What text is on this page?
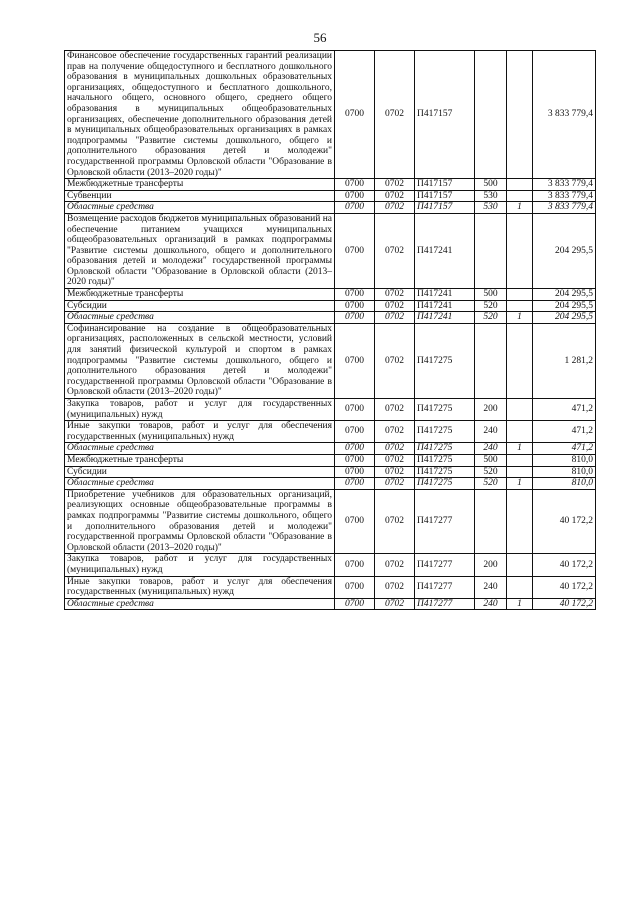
56
Финансовое обеспечение государственных гарантий реализации прав на получение общедоступного и бесплатного дошкольного образования в муниципальных дошкольных образовательных организациях, общедоступного и бесплатного дошкольного, начального общего, основного общего, среднего общего образования в муниципальных общеобразовательных организациях, обеспечение дополнительного образования детей в муниципальных общеобразовательных организациях в рамках подпрограммы "Развитие системы дошкольного, общего и дополнительного образования детей и молодежи" государственной программы Орловской области "Образование в Орловской области (2013–2020 годы)"	0700	0702	П417157			3 833 779,4
Межбюджетные трансферты	0700	0702	П417157	500		3 833 779,4
Субвенции	0700	0702	П417157	530		3 833 779,4
Областные средства	0700	0702	П417157	530	1	3 833 779,4
Возмещение расходов бюджетов муниципальных образований на обеспечение питанием учащихся муниципальных общеобразовательных организаций в рамках подпрограммы "Развитие системы дошкольного, общего и дополнительного образования детей и молодежи" государственной программы Орловской области "Образование в Орловской области (2013–2020 годы)"	0700	0702	П417241			204 295,5
Межбюджетные трансферты	0700	0702	П417241	500		204 295,5
Субсидии	0700	0702	П417241	520		204 295,5
Областные средства	0700	0702	П417241	520	1	204 295,5
Софинансирование на создание в общеобразовательных организациях, расположенных в сельской местности, условий для занятий физической культурой и спортом в рамках подпрограммы "Развитие системы дошкольного, общего и дополнительного образования детей и молодежи" государственной программы Орловской области "Образование в Орловской области (2013–2020 годы)"	0700	0702	П417275			1 281,2
Закупка товаров, работ и услуг для государственных (муниципальных) нужд	0700	0702	П417275	200		471,2
Иные закупки товаров, работ и услуг для обеспечения государственных (муниципальных) нужд	0700	0702	П417275	240		471,2
Областные средства	0700	0702	П417275	240	1	471,2
Межбюджетные трансферты	0700	0702	П417275	500		810,0
Субсидии	0700	0702	П417275	520		810,0
Областные средства	0700	0702	П417275	520	1	810,0
Приобретение учебников для образовательных организаций, реализующих основные общеобразовательные программы в рамках подпрограммы "Развитие системы дошкольного, общего и дополнительного образования детей и молодежи" государственной программы Орловской области "Образование в Орловской области (2013–2020 годы)"	0700	0702	П417277			40 172,2
Закупка товаров, работ и услуг для государственных (муниципальных) нужд	0700	0702	П417277	200		40 172,2
Иные закупки товаров, работ и услуг для обеспечения государственных (муниципальных) нужд	0700	0702	П417277	240		40 172,2
Областные средства	0700	0702	П417277	240	1	40 172,2
